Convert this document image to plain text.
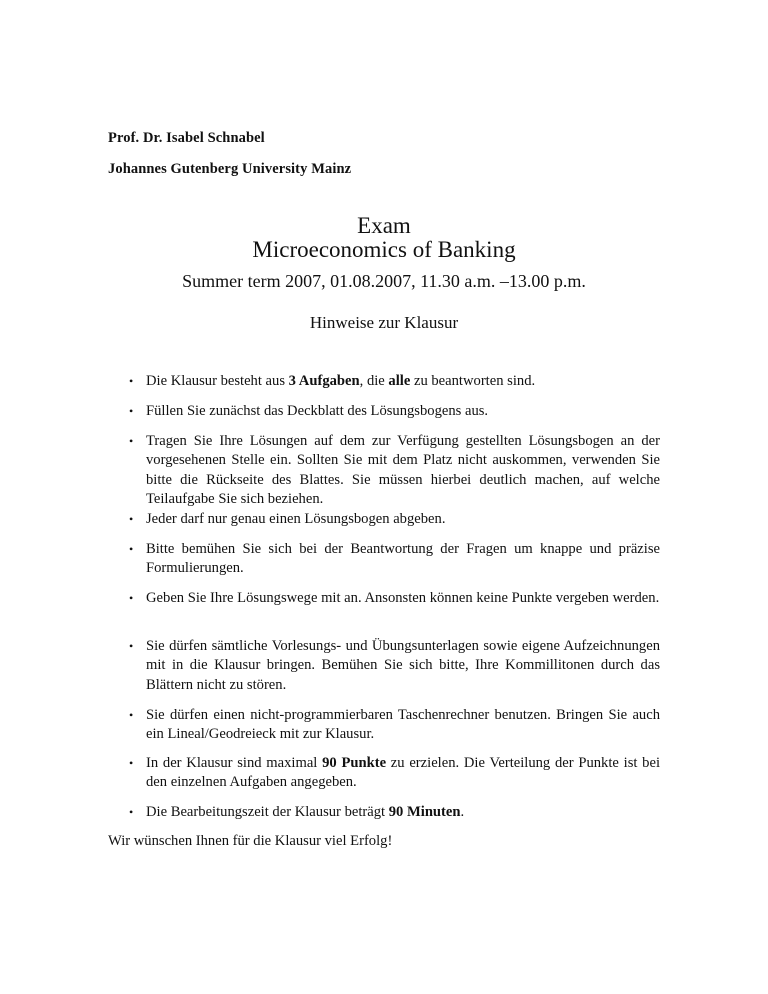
Prof. Dr. Isabel Schnabel
Johannes Gutenberg University Mainz
Exam
Microeconomics of Banking
Summer term 2007, 01.08.2007, 11.30 a.m. –13.00 p.m.
Hinweise zur Klausur
• Die Klausur besteht aus 3 Aufgaben, die alle zu beantworten sind.
• Füllen Sie zunächst das Deckblatt des Lösungsbogens aus.
• Tragen Sie Ihre Lösungen auf dem zur Verfügung gestellten Lösungsbogen an der vorgesehenen Stelle ein. Sollten Sie mit dem Platz nicht auskommen, verwenden Sie bitte die Rückseite des Blattes. Sie müssen hierbei deutlich machen, auf welche Teilaufgabe Sie sich beziehen.
• Jeder darf nur genau einen Lösungsbogen abgeben.
• Bitte bemühen Sie sich bei der Beantwortung der Fragen um knappe und präzise Formulierungen.
• Geben Sie Ihre Lösungswege mit an. Ansonsten können keine Punkte vergeben werden.
• Sie dürfen sämtliche Vorlesungs- und Übungsunterlagen sowie eigene Aufzeichnungen mit in die Klausur bringen. Bemühen Sie sich bitte, Ihre Kommillitonen durch das Blättern nicht zu stören.
• Sie dürfen einen nicht-programmierbaren Taschenrechner benutzen. Bringen Sie auch ein Lineal/Geodreieck mit zur Klausur.
• In der Klausur sind maximal 90 Punkte zu erzielen. Die Verteilung der Punkte ist bei den einzelnen Aufgaben angegeben.
• Die Bearbeitungszeit der Klausur beträgt 90 Minuten.
Wir wünschen Ihnen für die Klausur viel Erfolg!
